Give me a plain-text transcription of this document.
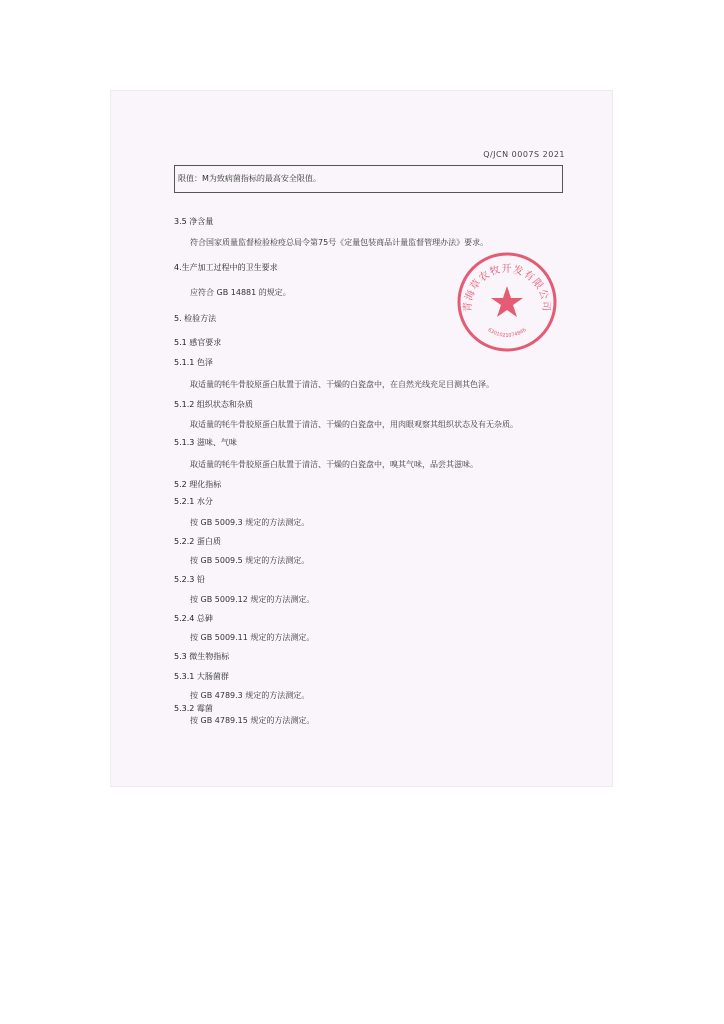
Q/JCN 0007S 2021
限值：M为致病菌指标的最高安全限值。
3.5 净含量
符合国家质量监督检验检疫总局令第75号《定量包装商品计量监督管理办法》要求。
4.生产加工过程中的卫生要求
应符合 GB 14881 的规定。
5. 检验方法
5.1 感官要求
5.1.1 色泽
取适量的牦牛骨胶原蛋白肽置于清洁、干燥的白瓷盘中，在自然光线充足目测其色泽。
5.1.2 组织状态和杂质
取适量的牦牛骨胶原蛋白肽置于清洁、干燥的白瓷盘中，用肉眼观察其组织状态及有无杂质。
5.1.3 滋味、气味
取适量的牦牛骨胶原蛋白肽置于清洁、干燥的白瓷盘中，嗅其气味，品尝其滋味。
5.2 理化指标
5.2.1 水分
按 GB 5009.3 规定的方法测定。
5.2.2 蛋白质
按 GB 5009.5 规定的方法测定。
5.2.3 铅
按 GB 5009.12 规定的方法测定。
5.2.4 总砷
按 GB 5009.11 规定的方法测定。
5.3 微生物指标
5.3.1 大肠菌群
按 GB 4789.3 规定的方法测定。
5.3.2 霉菌
按 GB 4789.15 规定的方法测定。
青海草农牧开发有限公司
6301021074846
